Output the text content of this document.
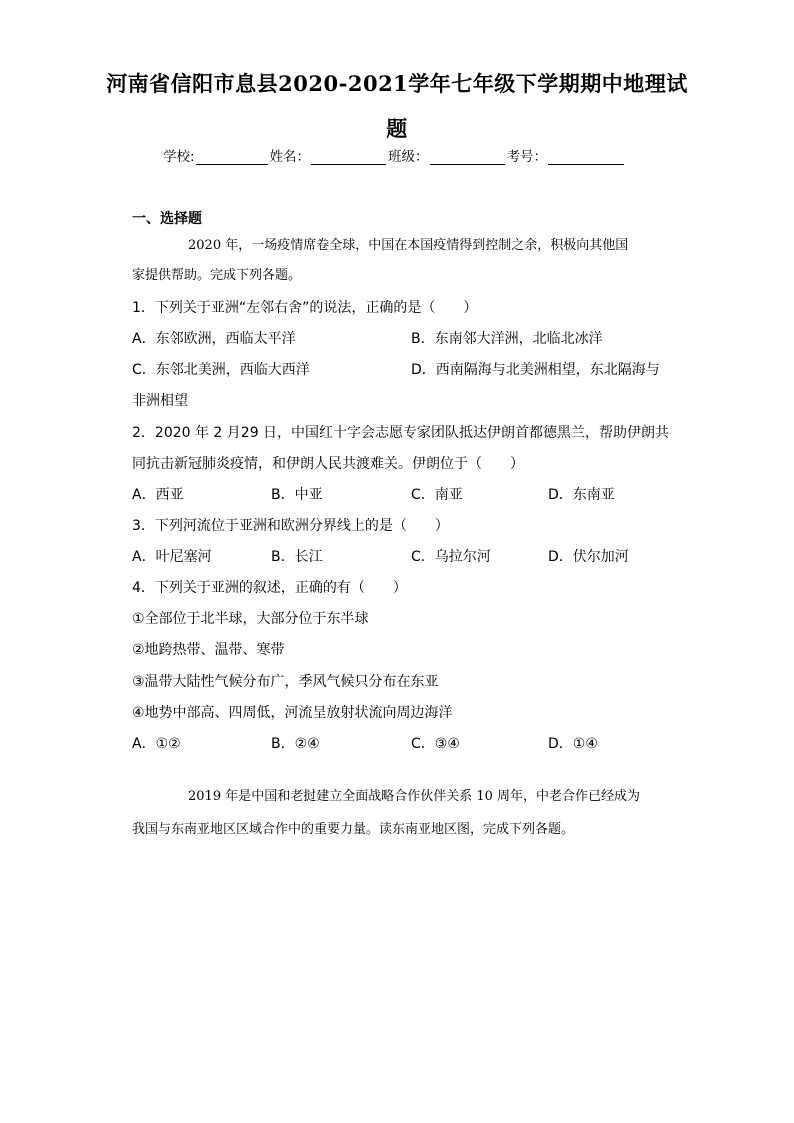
河南省信阳市息县2020-2021学年七年级下学期期中地理试
题
学校:	姓名：	班级：	考号：
一、选择题
2020 年，一场疫情席卷全球，中国在本国疫情得到控制之余，积极向其他国
家提供帮助。完成下列各题。
1．下列关于亚洲“左邻右舍”的说法，正确的是（　　）
A．东邻欧洲，西临太平洋	B．东南邻大洋洲，北临北冰洋
C．东邻北美洲，西临大西洋	D．西南隔海与北美洲相望，东北隔海与
非洲相望
2．2020 年 2 月29 日，中国红十字会志愿专家团队抵达伊朗首都德黑兰，帮助伊朗共
同抗击新冠肺炎疫情，和伊朗人民共渡难关。伊朗位于（　　）
A．西亚	B．中亚	C．南亚	D．东南亚
3．下列河流位于亚洲和欧洲分界线上的是（　　）
A．叶尼塞河	B．长江	C．乌拉尔河	D．伏尔加河
4．下列关于亚洲的叙述，正确的有（　　）
①全部位于北半球，大部分位于东半球
②地跨热带、温带、寒带
③温带大陆性气候分布广，季风气候只分布在东亚
④地势中部高、四周低，河流呈放射状流向周边海洋
A．①②	B．②④	C．③④	D．①④
2019 年是中国和老挝建立全面战略合作伙伴关系 10 周年，中老合作已经成为
我国与东南亚地区区域合作中的重要力量。读东南亚地区图，完成下列各题。
